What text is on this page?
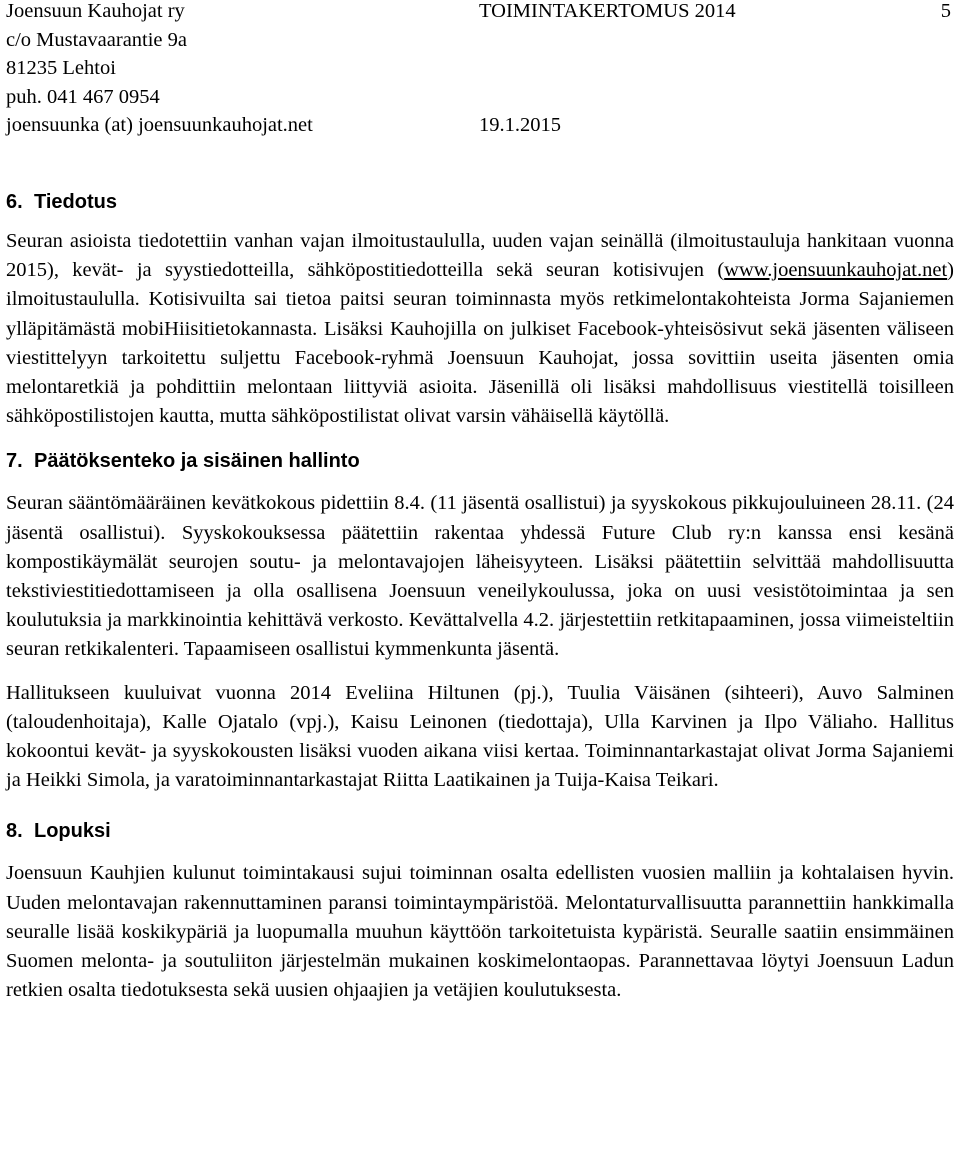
Joensuun Kauhojat ry
c/o Mustavaarantie 9a
81235 Lehtoi
puh. 041 467 0954
joensuunka (at) joensuunkauhojat.net
TOIMINTAKERTOMUS 2014	5
19.1.2015
6. Tiedotus

Seuran asioista tiedotettiin vanhan vajan ilmoitustaululla, uuden vajan seinällä (ilmoitustauluja hankitaan vuonna 2015), kevät- ja syystiedotteilla, sähköpostitiedotteilla sekä seuran kotisivujen (www.joensuunkauhojat.net) ilmoitustaululla. Kotisivuilta sai tietoa paitsi seuran toiminnasta myös retkimelontakohteista Jorma Sajaniemen ylläpitämästä mobiHiisitietokannasta. Lisäksi Kauhojilla on julkiset Facebook-yhteisösivut sekä jäsenten väliseen viestittelyyn tarkoitettu suljettu Facebook-ryhmä Joensuun Kauhojat, jossa sovittiin useita jäsenten omia melontaretkiä ja pohdittiin melontaan liittyviä asioita. Jäsenillä oli lisäksi mahdollisuus viestitellä toisilleen sähköpostilistojen kautta, mutta sähköpostilistat olivat varsin vähäisellä käytöllä.

7. Päätöksenteko ja sisäinen hallinto

Seuran sääntömääräinen kevätkokous pidettiin 8.4. (11 jäsentä osallistui) ja syyskokous pikkujouluineen 28.11. (24 jäsentä osallistui). Syyskokouksessa päätettiin rakentaa yhdessä Future Club ry:n kanssa ensi kesänä kompostikäymälät seurojen soutu- ja melontavajojen läheisyyteen. Lisäksi päätettiin selvittää mahdollisuutta tekstiviestitiedottamiseen ja olla osallisena Joensuun veneilykoulussa, joka on uusi vesistötoimintaa ja sen koulutuksia ja markkinointia kehittävä verkosto. Kevättalvella 4.2. järjestettiin retkitapaaminen, jossa viimeisteltiin seuran retkikalenteri. Tapaamiseen osallistui kymmenkunta jäsentä.

Hallitukseen kuuluivat vuonna 2014 Eveliina Hiltunen (pj.), Tuulia Väisänen (sihteeri), Auvo Salminen (taloudenhoitaja), Kalle Ojatalo (vpj.), Kaisu Leinonen (tiedottaja), Ulla Karvinen ja Ilpo Väliaho. Hallitus kokoontui kevät- ja syyskokousten lisäksi vuoden aikana viisi kertaa. Toiminnantarkastajat olivat Jorma Sajaniemi ja Heikki Simola, ja varatoiminnantarkastajat Riitta Laatikainen ja Tuija-Kaisa Teikari.

8. Lopuksi

Joensuun Kauhjien kulunut toimintakausi sujui toiminnan osalta edellisten vuosien malliin ja kohtalaisen hyvin. Uuden melontavajan rakennuttaminen paransi toimintaympäristöä. Melontaturvallisuutta parannettiin hankkimalla seuralle lisää koskikypäriä ja luopumalla muuhun käyttöön tarkoitetuista kypäristä. Seuralle saatiin ensimmäinen Suomen melonta- ja soutuliiton järjestelmän mukainen koskimelontaopas. Parannettavaa löytyi Joensuun Ladun retkien osalta tiedotuksesta sekä uusien ohjaajien ja vetäjien koulutuksesta.
